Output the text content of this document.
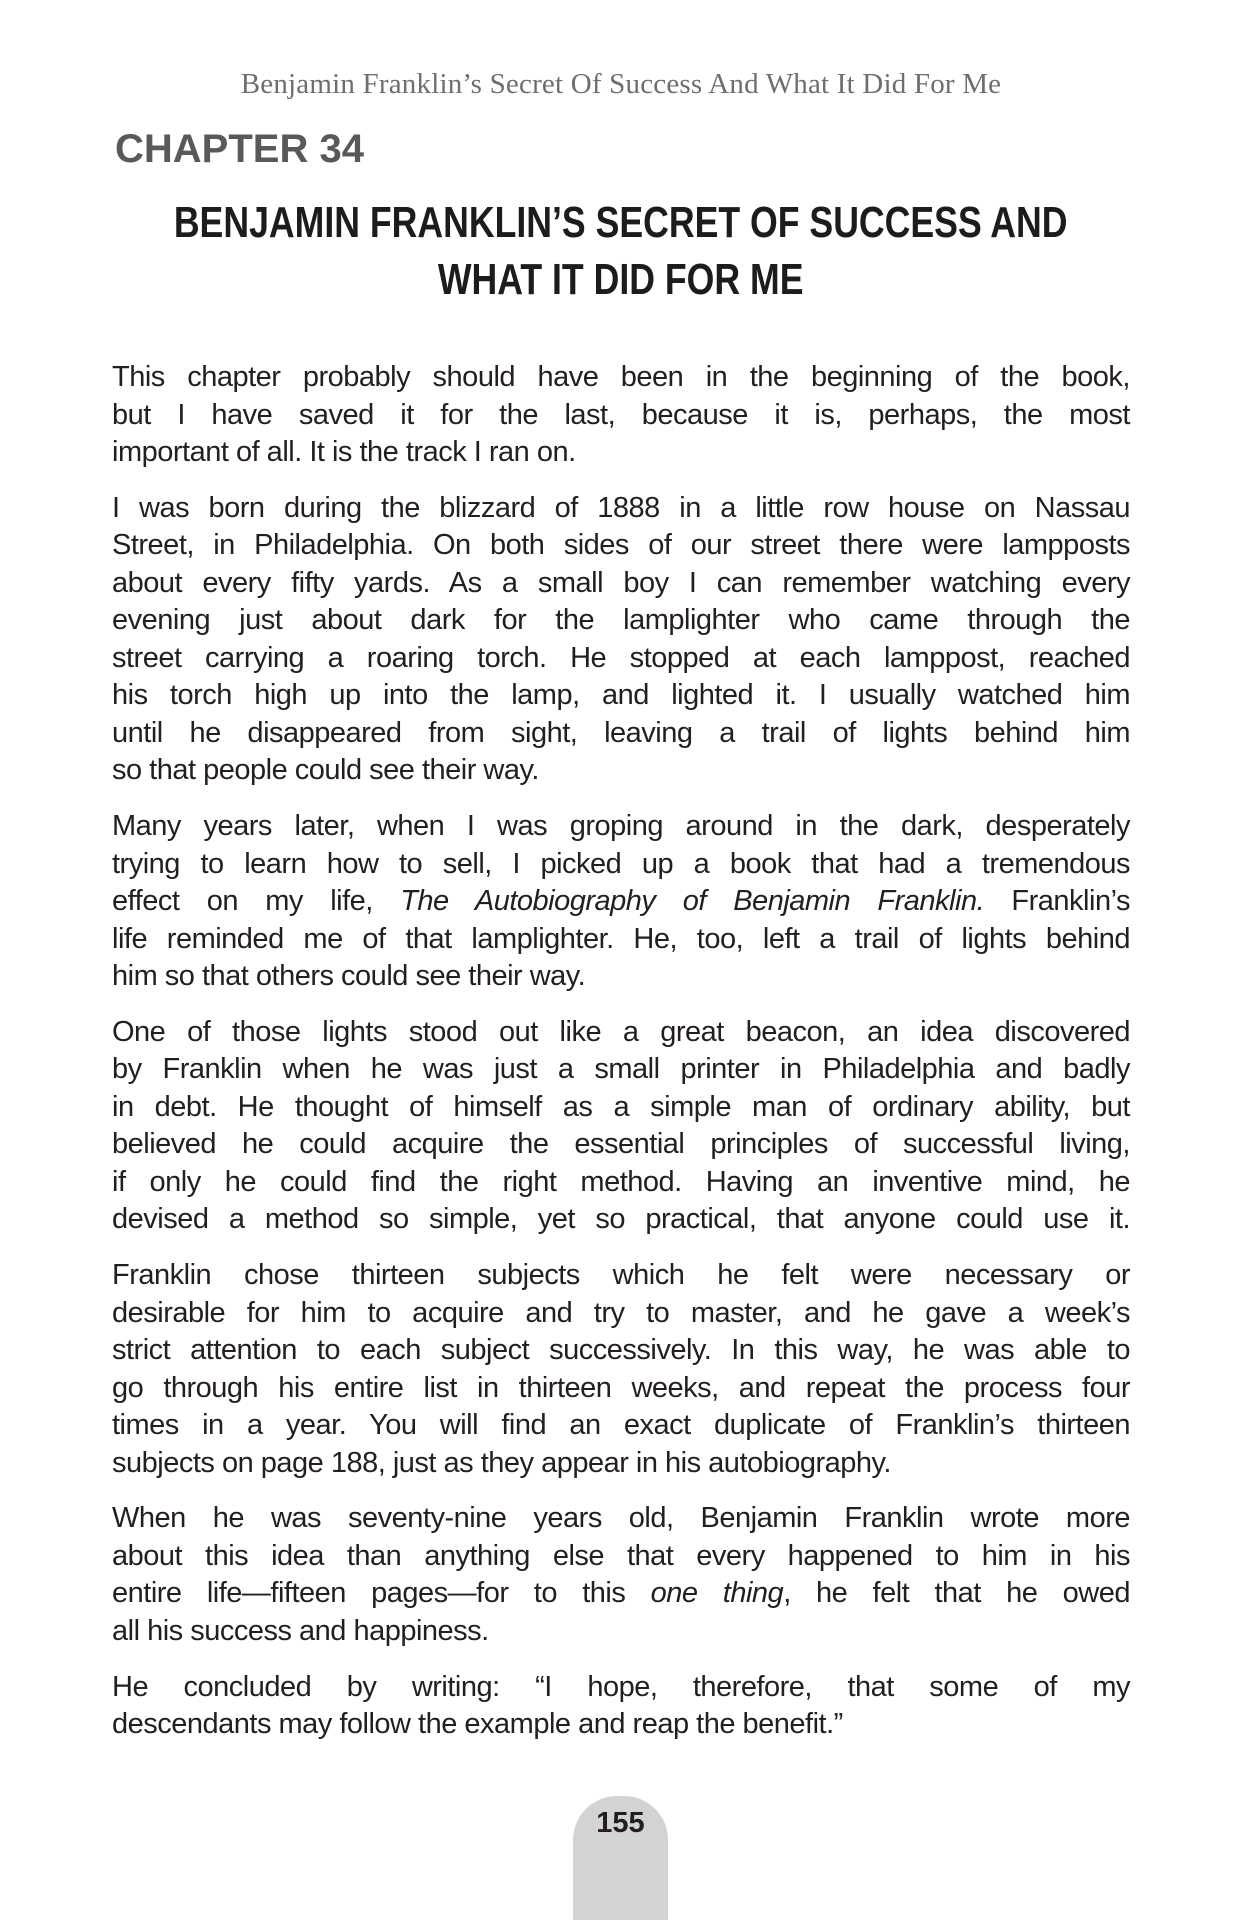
Benjamin Franklin’s Secret Of Success And What It Did For Me
CHAPTER 34
BENJAMIN FRANKLIN’S SECRET OF SUCCESS AND
WHAT IT DID FOR ME
This chapter probably should have been in the beginning of the book,
but I have saved it for the last, because it is, perhaps, the most
important of all. It is the track I ran on.
I was born during the blizzard of 1888 in a little row house on Nassau
Street, in Philadelphia. On both sides of our street there were lampposts
about every fifty yards. As a small boy I can remember watching every
evening just about dark for the lamplighter who came through the
street carrying a roaring torch. He stopped at each lamppost, reached
his torch high up into the lamp, and lighted it. I usually watched him
until he disappeared from sight, leaving a trail of lights behind him
so that people could see their way.
Many years later, when I was groping around in the dark, desperately
trying to learn how to sell, I picked up a book that had a tremendous
effect on my life, The Autobiography of Benjamin Franklin. Franklin’s
life reminded me of that lamplighter. He, too, left a trail of lights behind
him so that others could see their way.
One of those lights stood out like a great beacon, an idea discovered
by Franklin when he was just a small printer in Philadelphia and badly
in debt. He thought of himself as a simple man of ordinary ability, but
believed he could acquire the essential principles of successful living,
if only he could find the right method. Having an inventive mind, he
devised a method so simple, yet so practical, that anyone could use it.
Franklin chose thirteen subjects which he felt were necessary or
desirable for him to acquire and try to master, and he gave a week’s
strict attention to each subject successively. In this way, he was able to
go through his entire list in thirteen weeks, and repeat the process four
times in a year. You will find an exact duplicate of Franklin’s thirteen
subjects on page 188, just as they appear in his autobiography.
When he was seventy-nine years old, Benjamin Franklin wrote more
about this idea than anything else that every happened to him in his
entire life—fifteen pages—for to this one thing, he felt that he owed
all his success and happiness.
He concluded by writing: “I hope, therefore, that some of my
descendants may follow the example and reap the benefit.”
155
